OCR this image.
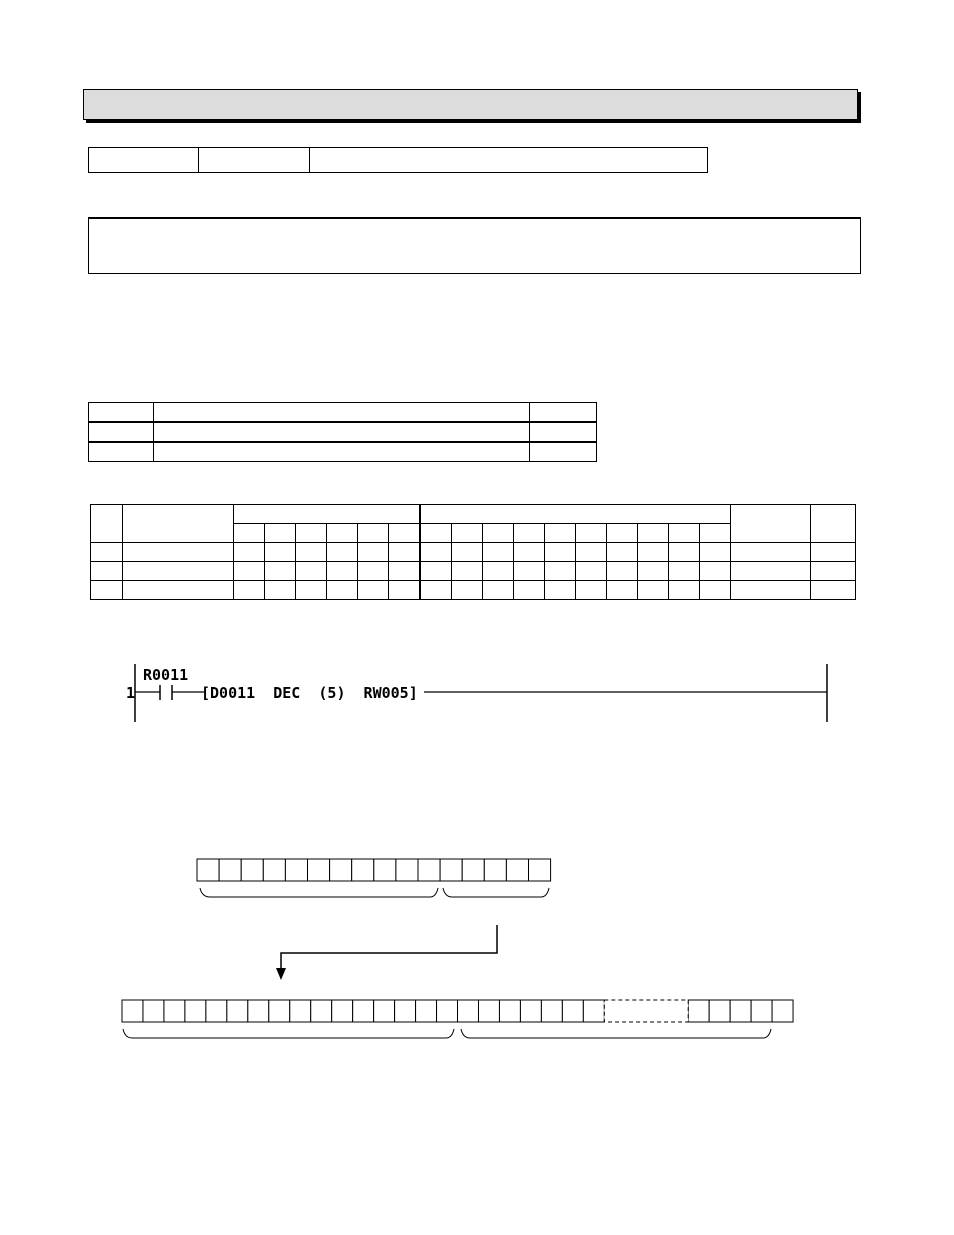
1
R0011
[D0011  DEC  (5)  RW005]
